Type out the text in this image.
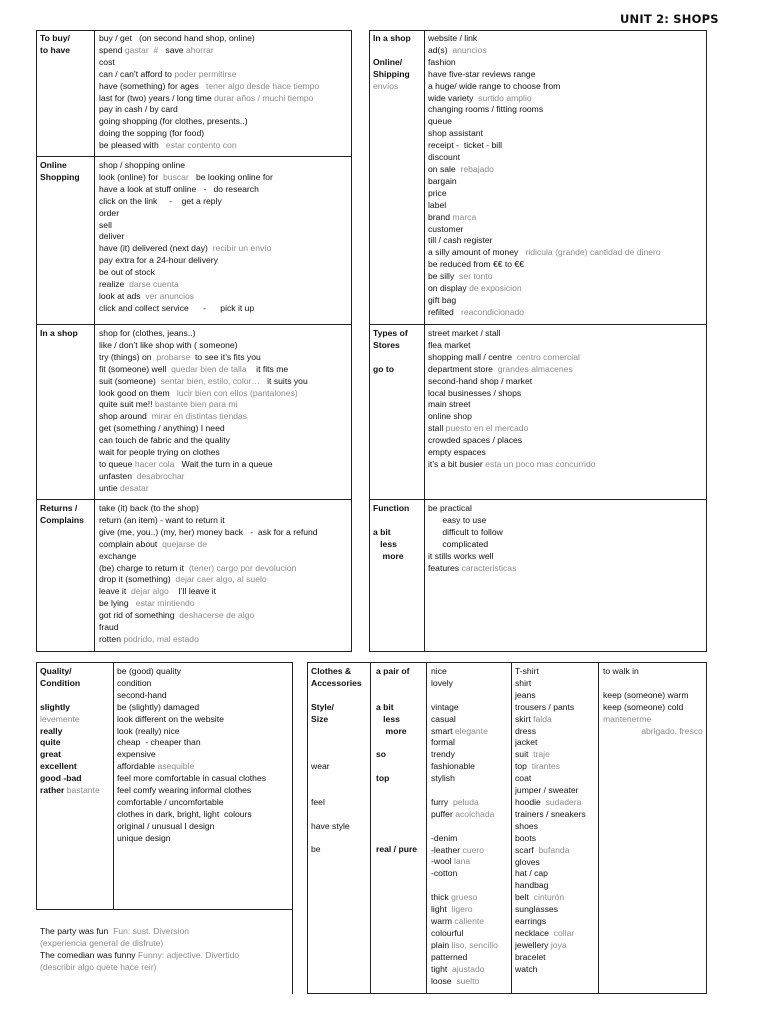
UNIT 2: SHOPS
To buy/
to have
buy / get   (on second hand shop, online)
spend gastar  #   save ahorrar
cost
can / can’t afford to poder permitirse
have (something) for ages   tener algo desde hace tiempo
last for (two) years / long time durar años / muchi tiempo
pay in cash / by card
going shopping (for clothes, presents..)
doing the sopping (for food)
be pleased with   estar contento con
Online
Shopping
shop / shopping online
look (online) for  buscar   be looking online for
have a look at stuff online   -   do research
click on the link     -    get a reply
order
sell
deliver
have (it) delivered (next day)  recibir un envío
pay extra for a 24-hour delivery
be out of stock
realize  darse cuenta
look at ads  ver anuncios
click and collect service      -      pick it up
In a shop shop for (clothes, jeans..)
like / don’t like shop with ( someone)
try (things) on  probarse  to see it’s fits you
fit (someone) well  quedar bien de talla    it fits me
suit (someone)  sentar bien, estilo, color…   it suits you
look good on them   lucir bien con ellos (pantalones)
quite suit me!! bastante bien para mi
shop around  mirar en distintas tiendas
get (something / anything) I need
can touch de fabric and the quality
wait for people trying on clothes
to queue hacer cola   Wait the turn in a queue
unfasten  desabrochar
untie desatar
Returns /
Complains
take (it) back (to the shop)
return (an item) - want to return it
give (me, you..) (my, her) money back   -  ask for a refund
complain about  quejarse de
exchange
(be) charge to return it  (tener) cargo por devolucion
drop it (something)  dejar caer algo, al suelo
leave it  dejar algo    I’ll leave it
be lying   estar mintiendo
got rid of something  deshacerse de algo
fraud
rotten podrido, mal estado
In a shop
Online/
Shipping
envíos
website / link
ad(s)  anuncios
fashion
have five-star reviews range
a huge/ wide range to choose from
wide variety  surtido amplio
changing rooms / fitting rooms
queue
shop assistant
receipt -  ticket - bill
discount
on sale  rebajado
bargain
price
label
brand marca
customer
till / cash register
a silly amount of money   ridicula (grande) cantidad de dinero
be reduced from €€ to €€
be silly  ser tonto
on display de exposicion
gift bag
refilted   reacondicionado
Types of
Stores
go to
street market / stall
flea market
shopping mall / centre  centro comercial
department store  grandes almacenes
second-hand shop / market
local businesses / shops
main street
online shop
stall puesto en el mercado
crowded spaces / places
empty espaces
it’s a bit busier esta un poco mas concurrido
Function
a bit
less
more
be practical
easy to use
difficult to follow
complicated
it stills works well
features caracteristicas
Quality/
Condition
slightly
levemente
really
quite
great
excellent
good -bad
rather bastante
be (good) quality
condition
second-hand
be (slightly) damaged
look different on the website
look (really) nice
cheap  - cheaper than
expensive
affordable asequible
feel more comfortable in casual clothes
feel comfy wearing informal clothes
comfortable / uncomfortable
clothes in dark, bright, light  colours
original / unusual I design
unique design
The party was fun  Fun: sust. Diversion
(experiencia general de disfrute)
The comedian was funny Funny: adjective. Divertido
(describir algo quete hace reir)
Clothes &
Accessories
Style/
Size
wear
feel
have style
be
a pair of
a bit
less
more
so
top
real / pure
nice
lovely
vintage
casual
smart elegante
formal
trendy
fashionable
stylish
furry  peluda
puffer acolchada
-denim
-leather cuero
-wool lana
-cotton
thick grueso
light  ligero
warm caliente
colourful
plain liso, sencillo
patterned
tight  ajustado
loose  suelto
T-shirt
shirt
jeans
trousers / pants
skirt falda
dress
jacket
suit  traje
top  tirantes
coat
jumper / sweater
hoodie  sudadera
trainers / sneakers
shoes
boots
scarf  bufanda
gloves
hat / cap
handbag
belt  cinturón
sunglasses
earrings
necklace  collar
jewellery joya
bracelet
watch
to walk in
keep (someone) warm
keep (someone) cold
mantenerme
abrigado, fresco
